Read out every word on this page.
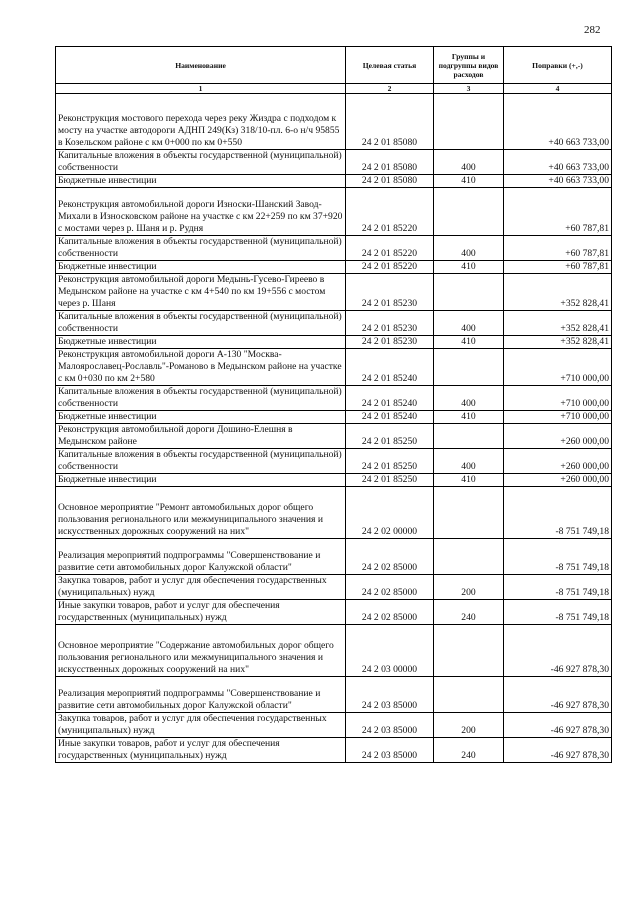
282
Наименование	Целевая статья	Группы и подгруппы видов расходов	Поправки (+,-)
1	2	3	4
Реконструкция мостового перехода через реку Жиздра с подходом к мосту на участке автодороги АДНП 249(Кз) 318/10-пл. 6-о н/ч 95855 в Козельском районе с км 0+000 по км 0+550	24 2 01 85080		+40 663 733,00
Капитальные вложения в объекты государственной (муниципальной) собственности	24 2 01 85080	400	+40 663 733,00
Бюджетные инвестиции	24 2 01 85080	410	+40 663 733,00
Реконструкция автомобильной дороги Износки-Шанский Завод-Михали в Износковском районе на участке с км 22+259 по км 37+920 с мостами через р. Шаня и р. Рудня	24 2 01 85220		+60 787,81
Капитальные вложения в объекты государственной (муниципальной) собственности	24 2 01 85220	400	+60 787,81
Бюджетные инвестиции	24 2 01 85220	410	+60 787,81
Реконструкция автомобильной дороги Медынь-Гусево-Гиреево в Медынском районе на участке с км 4+540 по км 19+556 с мостом через р. Шаня	24 2 01 85230		+352 828,41
Капитальные вложения в объекты государственной (муниципальной) собственности	24 2 01 85230	400	+352 828,41
Бюджетные инвестиции	24 2 01 85230	410	+352 828,41
Реконструкция автомобильной дороги А-130 "Москва-Малоярославец-Рославль"-Романово в Медынском районе на участке с км 0+030 по км 2+580	24 2 01 85240		+710 000,00
Капитальные вложения в объекты государственной (муниципальной) собственности	24 2 01 85240	400	+710 000,00
Бюджетные инвестиции	24 2 01 85240	410	+710 000,00
Реконструкция автомобильной дороги Дошино-Елешня в Медынском районе	24 2 01 85250		+260 000,00
Капитальные вложения в объекты государственной (муниципальной) собственности	24 2 01 85250	400	+260 000,00
Бюджетные инвестиции	24 2 01 85250	410	+260 000,00
Основное мероприятие "Ремонт автомобильных дорог общего пользования регионального или межмуниципального значения и искусственных дорожных сооружений на них"	24 2 02 00000		-8 751 749,18
Реализация мероприятий подпрограммы "Совершенствование и развитие сети автомобильных дорог Калужской области"	24 2 02 85000		-8 751 749,18
Закупка товаров, работ и услуг для обеспечения государственных (муниципальных) нужд	24 2 02 85000	200	-8 751 749,18
Иные закупки товаров, работ и услуг для обеспечения государственных (муниципальных) нужд	24 2 02 85000	240	-8 751 749,18
Основное мероприятие "Содержание автомобильных дорог общего пользования регионального или межмуниципального значения и искусственных дорожных сооружений на них"	24 2 03 00000		-46 927 878,30
Реализация мероприятий подпрограммы "Совершенствование и развитие сети автомобильных дорог Калужской области"	24 2 03 85000		-46 927 878,30
Закупка товаров, работ и услуг для обеспечения государственных (муниципальных) нужд	24 2 03 85000	200	-46 927 878,30
Иные закупки товаров, работ и услуг для обеспечения государственных (муниципальных) нужд	24 2 03 85000	240	-46 927 878,30
